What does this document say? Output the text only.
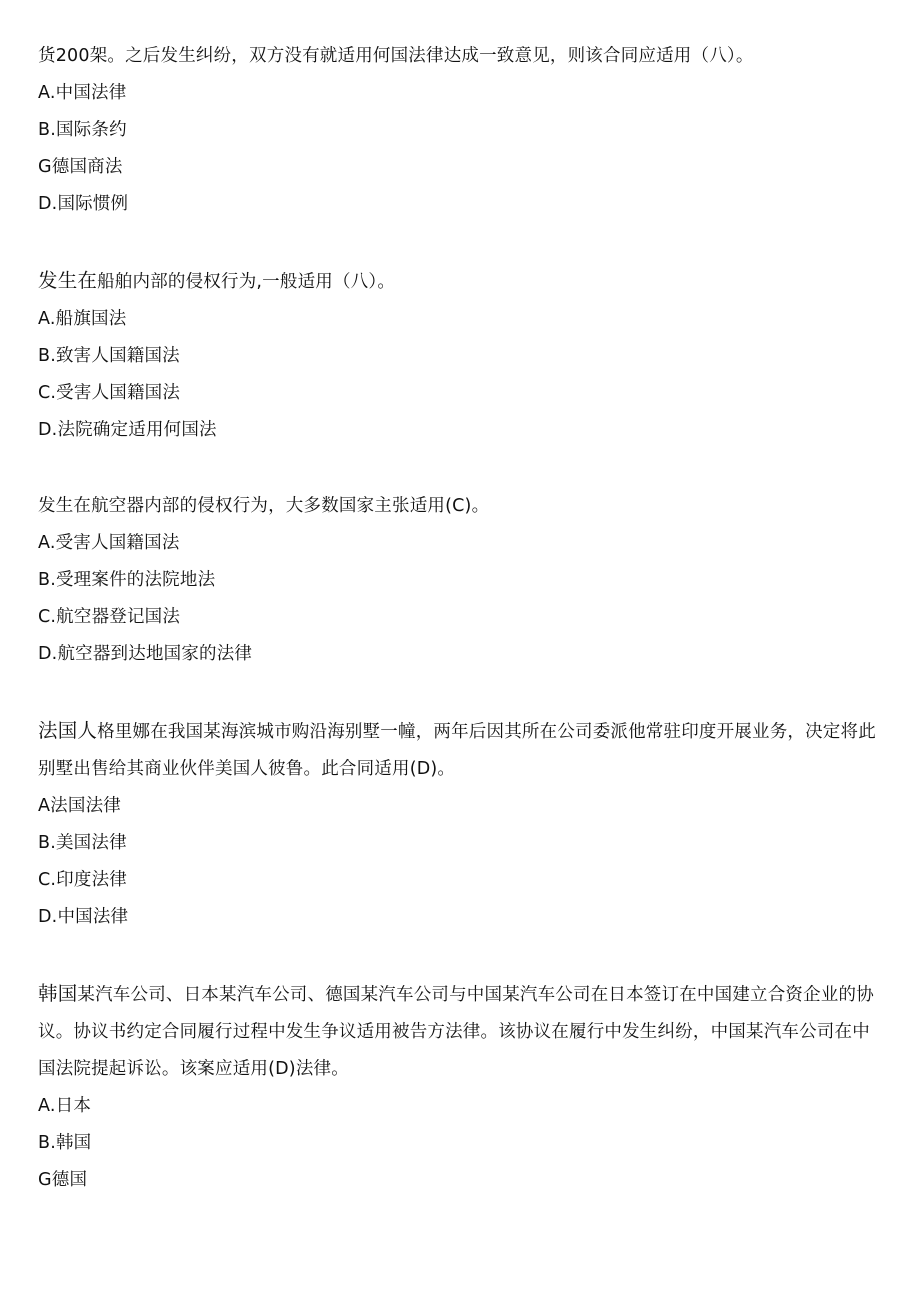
货200架。之后发生纠纷，双方没有就适用何国法律达成一致意见，则该合同应适用（八）。

A.中国法律
B.国际条约
G德国商法
D.国际惯例

发生在船舶内部的侵权行为,一般适用（八）。

A.船旗国法
B.致害人国籍国法
C.受害人国籍国法
D.法院确定适用何国法

发生在航空器内部的侵权行为，大多数国家主张适用(C)。

A.受害人国籍国法
B.受理案件的法院地法
C.航空器登记国法
D.航空器到达地国家的法律

法国人格里娜在我国某海滨城市购沿海别墅一幢，两年后因其所在公司委派他常驻印度开展业务，决定将此别墅出售给其商业伙伴美国人彼鲁。此合同适用(D)。

A法国法律
B.美国法律
C.印度法律
D.中国法律

韩国某汽车公司、日本某汽车公司、德国某汽车公司与中国某汽车公司在日本签订在中国建立合资企业的协议。协议书约定合同履行过程中发生争议适用被告方法律。该协议在履行中发生纠纷，中国某汽车公司在中国法院提起诉讼。该案应适用(D)法律。

A.日本
B.韩国
G德国
